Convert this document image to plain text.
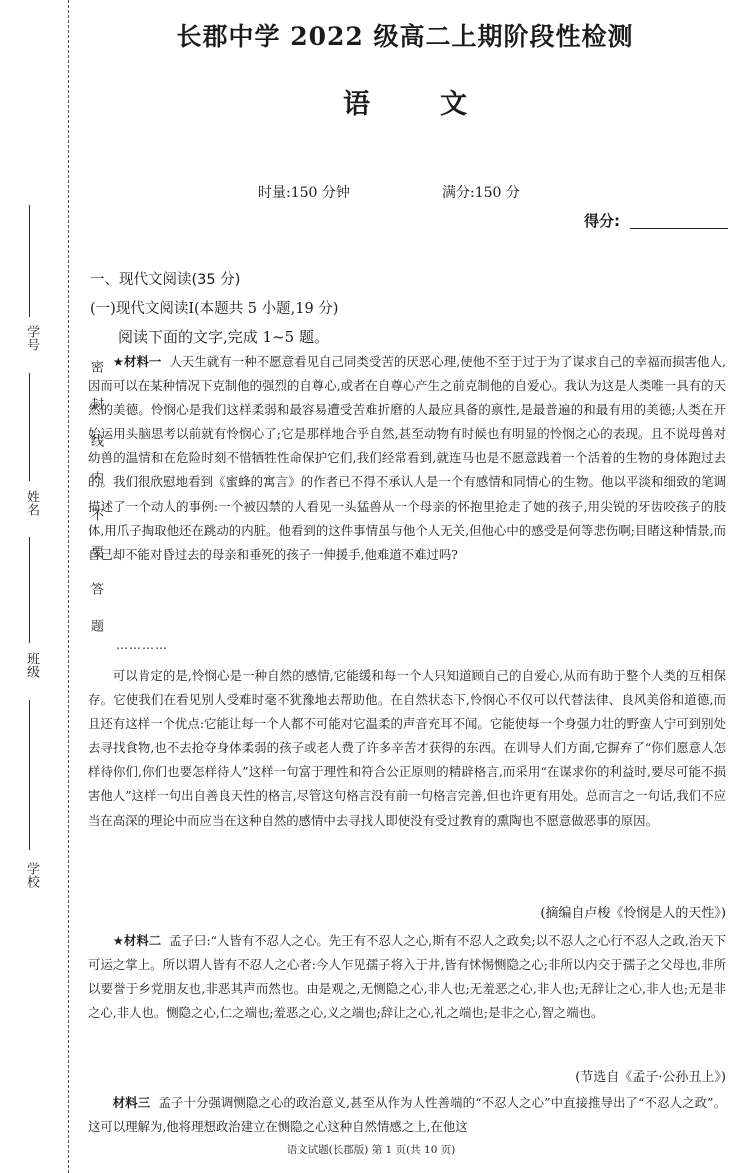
学号
姓名
班级
学校
密封线内不要答题
长郡中学 2022 级高二上期阶段性检测
语文
时量:150 分钟	满分:150 分
得分:
一、现代文阅读(35 分)
(一)现代文阅读Ⅰ(本题共 5 小题,19 分)
阅读下面的文字,完成 1~5 题。

★材料一 人天生就有一种不愿意看见自己同类受苦的厌恶心理,使他不至于过于为了谋求自己的幸福而损害他人,因而可以在某种情况下克制他的强烈的自尊心,或者在自尊心产生之前克制他的自爱心。我认为这是人类唯一具有的天然的美德。怜悯心是我们这样柔弱和最容易遭受苦难折磨的人最应具备的禀性,是最普遍的和最有用的美德;人类在开始运用头脑思考以前就有怜悯心了;它是那样地合乎自然,甚至动物有时候也有明显的怜悯之心的表现。且不说母兽对幼兽的温情和在危险时刻不惜牺牲性命保护它们,我们经常看到,就连马也是不愿意践着一个活着的生物的身体跑过去的。我们很欣慰地看到《蜜蜂的寓言》的作者已不得不承认人是一个有感情和同情心的生物。他以平淡和细致的笔调描述了一个动人的事例:一个被囚禁的人看见一头猛兽从一个母亲的怀抱里抢走了她的孩子,用尖锐的牙齿咬孩子的肢体,用爪子掏取他还在跳动的内脏。他看到的这件事情虽与他个人无关,但他心中的感受是何等悲伤啊;目睹这种情景,而自己却不能对昏过去的母亲和垂死的孩子一伸援手,他难道不难过吗?

…………

可以肯定的是,怜悯心是一种自然的感情,它能缓和每一个人只知道顾自己的自爱心,从而有助于整个人类的互相保存。它使我们在看见别人受难时毫不犹豫地去帮助他。在自然状态下,怜悯心不仅可以代替法律、良风美俗和道德,而且还有这样一个优点:它能让每一个人都不可能对它温柔的声音充耳不闻。它能使每一个身强力壮的野蛮人宁可到别处去寻找食物,也不去抢夺身体柔弱的孩子或老人费了许多辛苦才获得的东西。在训导人们方面,它摒弃了“你们愿意人怎样待你们,你们也要怎样待人”这样一句富于理性和符合公正原则的精辟格言,而采用“在谋求你的利益时,要尽可能不损害他人”这样一句出自善良天性的格言,尽管这句格言没有前一句格言完善,但也许更有用处。总而言之一句话,我们不应当在高深的理论中而应当在这种自然的感情中去寻找人即使没有受过教育的熏陶也不愿意做恶事的原因。

(摘编自卢梭《怜悯是人的天性》)

★材料二 孟子曰:“人皆有不忍人之心。先王有不忍人之心,斯有不忍人之政矣;以不忍人之心行不忍人之政,治天下可运之掌上。所以谓人皆有不忍人之心者:今人乍见孺子将入于井,皆有怵惕恻隐之心;非所以内交于孺子之父母也,非所以要誉于乡党朋友也,非恶其声而然也。由是观之,无恻隐之心,非人也;无羞恶之心,非人也;无辞让之心,非人也;无是非之心,非人也。恻隐之心,仁之端也;羞恶之心,义之端也;辞让之心,礼之端也;是非之心,智之端也。

(节选自《孟子·公孙丑上》)

材料三 孟子十分强调恻隐之心的政治意义,甚至从作为人性善端的“不忍人之心”中直接推导出了“不忍人之政”。这可以理解为,他将理想政治建立在恻隐之心这种自然情感之上,在他这

语文试题(长郡版) 第 1 页(共 10 页)
